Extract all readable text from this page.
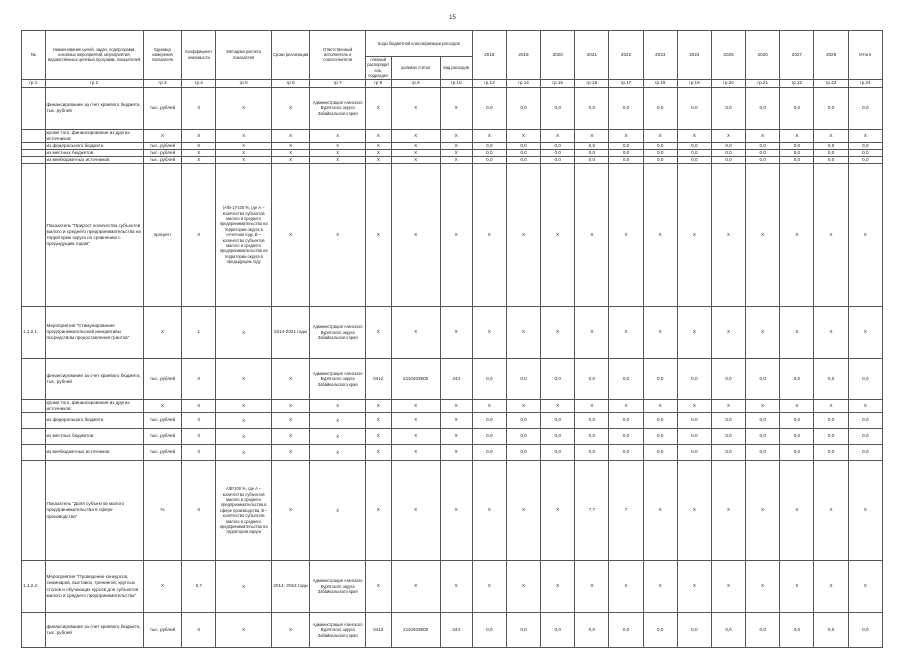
15
№	Наименование целей, задач, подпрограмм, основных мероприятий, мероприятий, ведомственных целевых программ, показателей	Единица измерения показателя	Коэффициент значимости	Методика расчета показателя	Сроки реализации	Ответственный исполнитель и соисполнители	Коды бюджетной классификации расходов			2018	2019	2020	2021	2022	2023	2024	2025	2026	2027	2028	Итого
							главный распорядитель, подраздел	целевая статья	вид расходов												
гр.1	гр.2	гр.3	гр.4	гр.5	гр.6	гр.7	гр.8	гр.9	гр.10	гр.13	гр.14	гр.15	гр.16	гр.17	гр.18	гр.19	гр.20	гр.21	гр.22	гр.23	гр.24
	финансирование за счет краевого бюджета, тыс. рублей	тыс. рублей	Х	Х	Х	Администрация Агинского Бурятского округа Забайкальского края	Х	Х	Х	0,0	0,0	0,0	0,0	0,0	0,0	0,0	0,0	0,0	0,0	0,0	0,0
	кроме того, финансирование из других источников:	Х	Х	Х	Х	Х	Х	Х	Х	Х	Х	Х	Х	Х	Х	Х	Х	Х	Х	Х	Х
	из федерального бюджета	тыс. рублей	Х	Х	Х	Х	Х	Х	Х	0,0	0,0	0,0	0,0	0,0	0,0	0,0	0,0	0,0	0,0	0,0	0,0
	из местных бюджетов	тыс. рублей	Х	Х	Х	Х	Х	Х	Х	0,0	0,0	0,0	0,0	0,0	0,0	0,0	0,0	0,0	0,0	0,0	0,0
	из внебюджетных источников	тыс. рублей	Х	Х	Х	Х	Х	Х	Х	0,0	0,0	0,0	0,0	0,0	0,0	0,0	0,0	0,0	0,0	0,0	0,0
	Показатель "Прирост количества субъектов малого и среднего предпринимательства на территории округа по сравнению с предыдущим годом"	процент	Х	(А/В-1)*100 %, где А – количество субъектов малого и среднего предпринимательства на территории округа в отчетном году, В – количество субъектов малого и среднего предпринимательства на территории округа в предыдущем году	Х	Х	Х	Х	Х	Х	Х	Х	Х	Х	Х	Х	Х	Х	Х	Х	Х
1.1.2.1.	Мероприятие "Стимулирование предпринимательской инициативы посредством предоставления грантов"	Х	1	Х	2014-2021 годы	Администрация Агинского Бурятского округа Забайкальского края	Х	Х	Х	Х	Х	Х	Х	Х	Х	Х	Х	Х	Х	Х	Х
	финансирование за счет краевого бюджета, тыс. рублей	тыс. рублей	Х	Х	Х	Администрация Агинского Бурятского округа Забайкальского края	0412	2110403800	244	0,0	0,0	0,0	0,0	0,0	0,0	0,0	0,0	0,0	0,0	0,0	0,0
	кроме того, финансирование из других источников:	Х	Х	Х	Х	Х	Х	Х	Х	Х	Х	Х	Х	Х	Х	Х	Х	Х	Х	Х	Х
	из федерального бюджета	тыс. рублей	Х	Х	Х	Х	Х	Х	Х	0,0	0,0	0,0	0,0	0,0	0,0	0,0	0,0	0,0	0,0	0,0	0,0
	из местных бюджетов	тыс. рублей	Х	Х	Х	Х	Х	Х	Х	0,0	0,0	0,0	0,0	0,0	0,0	0,0	0,0	0,0	0,0	0,0	0,0
	из внебюджетных источников	тыс. рублей	Х	Х	Х	Х	Х	Х	Х	0,0	0,0	0,0	0,0	0,0	0,0	0,0	0,0	0,0	0,0	0,0	0,0
	Показатель "Доля субъектов малого предпринимательства в сфере производства"	%	Х	А/В*100 %, где А – количество субъектов малого и среднего предпринимательства в сфере производства, В – количество субъектов малого и среднего предпринимательства на территории округа	Х	Х	Х	Х	Х	Х	Х	Х	7,7	7	Х	Х	Х	Х	Х	Х	Х
1.1.2.2.	Мероприятие "Проведение конкурсов, семинаров, выставок, тренингов, круглых столов и обучающих курсов для субъектов малого и среднего предпринимательства"	Х	0,7	Х	2014- 2024 годы	Администрация Агинского Бурятского округа Забайкальского края	Х	Х	Х	Х	Х	Х	Х	Х	Х	Х	Х	Х	Х	Х	Х
	финансирование за счет краевого бюджета, тыс. рублей	тыс. рублей	Х	Х	Х	Администрация Агинского Бурятского округа Забайкальского края	0412	2110403800	244	0,0	0,0	0,0	0,0	0,0	0,0	0,0	0,0	0,0	0,0	0,0	0,0
